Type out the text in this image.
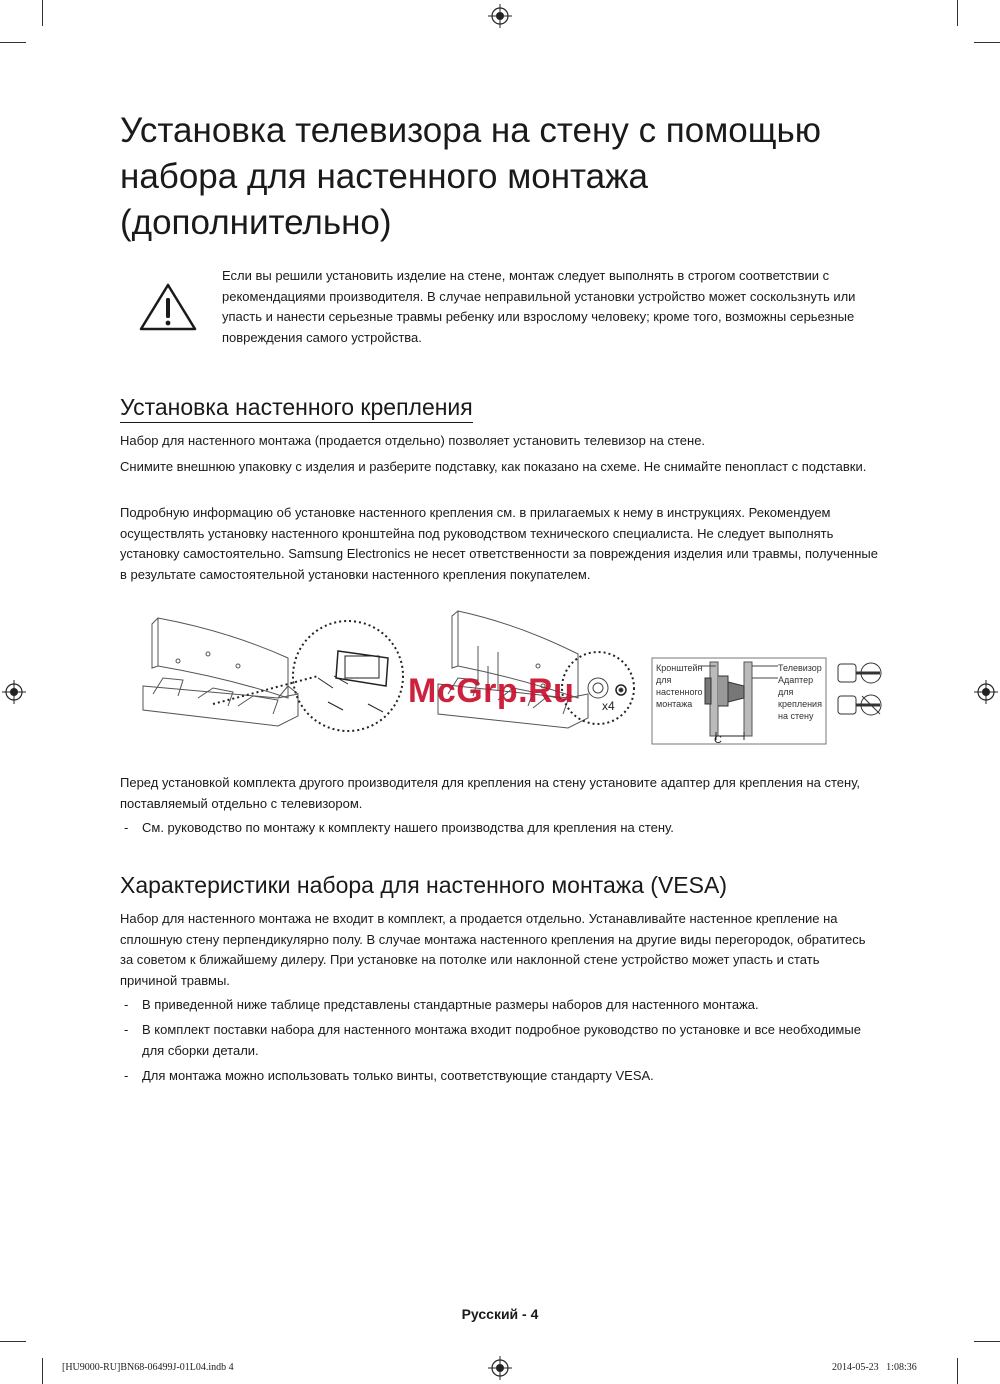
Установка телевизора на стену с помощью набора для настенного монтажа (дополнительно)
Если вы решили установить изделие на стене, монтаж следует выполнять в строгом соответствии с рекомендациями производителя. В случае неправильной установки устройство может соскользнуть или упасть и нанести серьезные травмы ребенку или взрослому человеку; кроме того, возможны серьезные повреждения самого устройства.
Установка настенного крепления

Набор для настенного монтажа (продается отдельно) позволяет установить телевизор на стене.

Снимите внешнюю упаковку с изделия и разберите подставку, как показано на схеме. Не снимайте пенопласт с подставки.

Подробную информацию об установке настенного крепления см. в прилагаемых к нему в инструкциях. Рекомендуем осуществлять установку настенного кронштейна под руководством технического специалиста. Не следует выполнять установку самостоятельно. Samsung Electronics не несет ответственности за повреждения изделия или травмы, полученные в результате самостоятельной установки настенного крепления покупателем.

x4
C
Кронштейн для настенного монтажа
Телевизор
Адаптер для крепления на стену
McGrp.Ru

Перед установкой комплекта другого производителя для крепления на стену установите адаптер для крепления на стену, поставляемый отдельно с телевизором.

- См. руководство по монтажу к комплекту нашего производства для крепления на стену.
Характеристики набора для настенного монтажа (VESA)

Набор для настенного монтажа не входит в комплект, а продается отдельно. Устанавливайте настенное крепление на сплошную стену перпендикулярно полу. В случае монтажа настенного крепления на другие виды перегородок, обратитесь за советом к ближайшему дилеру. При установке на потолке или наклонной стене устройство может упасть и стать причиной травмы.

- В приведенной ниже таблице представлены стандартные размеры наборов для настенного монтажа.
- В комплект поставки набора для настенного монтажа входит подробное руководство по установке и все необходимые для сборки детали.
- Для монтажа можно использовать только винты, соответствующие стандарту VESA.
Русский - 4
[HU9000-RU]BN68-06499J-01L04.indb 4	2014-05-23   1:08:36
